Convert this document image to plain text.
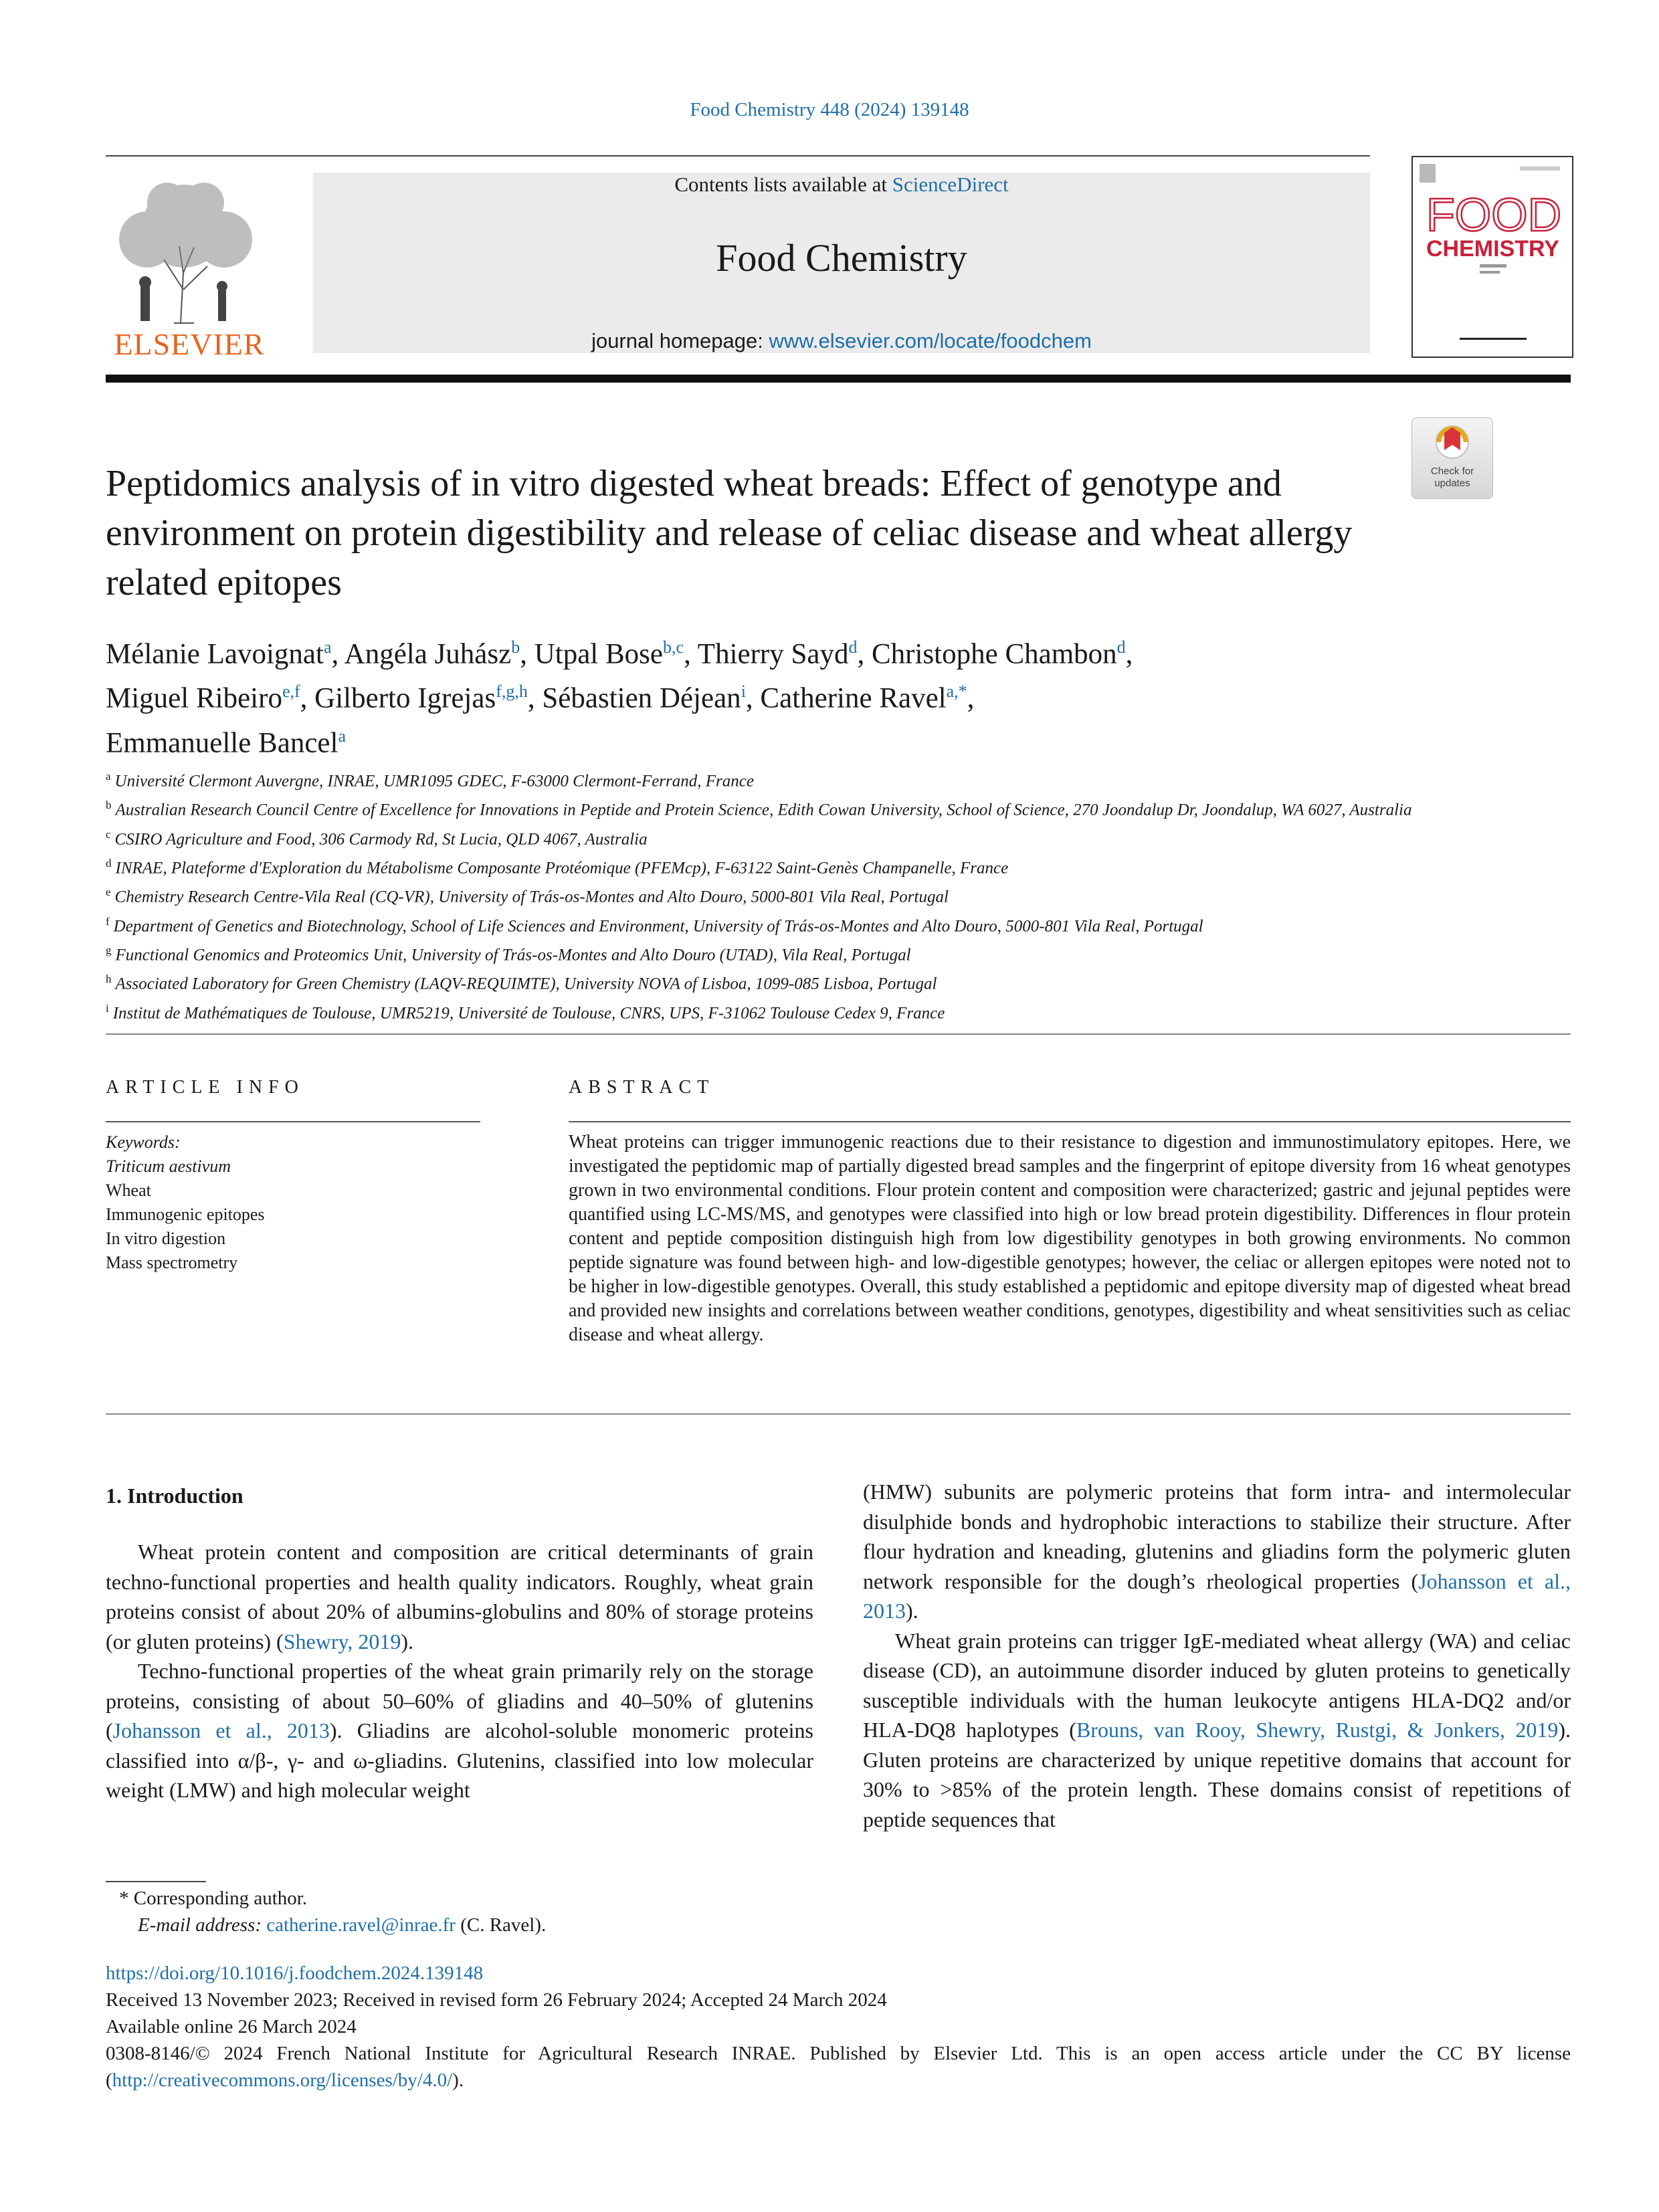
Food Chemistry 448 (2024) 139148
ELSEVIER
Contents lists available at ScienceDirect
Food Chemistry
journal homepage: www.elsevier.com/locate/foodchem
FOOD
CHEMISTRY
Check for
updates
Peptidomics analysis of in vitro digested wheat breads: Effect of genotype and environment on protein digestibility and release of celiac disease and wheat allergy related epitopes
Mélanie Lavoignat$^a$, Angéla Juhász$^b$, Utpal Bose$^{b,c}$, Thierry Sayd$^d$, Christophe Chambon$^d$,
Miguel Ribeiro$^{e,f}$, Gilberto Igrejas$^{f,g,h}$, Sébastien Déjean$^i$, Catherine Ravel$^{a,*}$,
Emmanuelle Bancel$^a$
$^a$ Université Clermont Auvergne, INRAE, UMR1095 GDEC, F-63000 Clermont-Ferrand, France
$^b$ Australian Research Council Centre of Excellence for Innovations in Peptide and Protein Science, Edith Cowan University, School of Science, 270 Joondalup Dr, Joondalup, WA 6027, Australia
$^c$ CSIRO Agriculture and Food, 306 Carmody Rd, St Lucia, QLD 4067, Australia
$^d$ INRAE, Plateforme d'Exploration du Métabolisme Composante Protéomique (PFEMcp), F-63122 Saint-Genès Champanelle, France
$^e$ Chemistry Research Centre-Vila Real (CQ-VR), University of Trás-os-Montes and Alto Douro, 5000-801 Vila Real, Portugal
$^f$ Department of Genetics and Biotechnology, School of Life Sciences and Environment, University of Trás-os-Montes and Alto Douro, 5000-801 Vila Real, Portugal
$^g$ Functional Genomics and Proteomics Unit, University of Trás-os-Montes and Alto Douro (UTAD), Vila Real, Portugal
$^h$ Associated Laboratory for Green Chemistry (LAQV-REQUIMTE), University NOVA of Lisboa, 1099-085 Lisboa, Portugal
$^i$ Institut de Mathématiques de Toulouse, UMR5219, Université de Toulouse, CNRS, UPS, F-31062 Toulouse Cedex 9, France
ARTICLE INFO	ABSTRACT
Keywords:
Triticum aestivum
Wheat
Immunogenic epitopes
In vitro digestion
Mass spectrometry
Wheat proteins can trigger immunogenic reactions due to their resistance to digestion and immunostimulatory epitopes. Here, we investigated the peptidomic map of partially digested bread samples and the fingerprint of epitope diversity from 16 wheat genotypes grown in two environmental conditions. Flour protein content and composition were characterized; gastric and jejunal peptides were quantified using LC-MS/MS, and genotypes were classified into high or low bread protein digestibility. Differences in flour protein content and peptide composition distinguish high from low digestibility genotypes in both growing environments. No common peptide signature was found between high- and low-digestible genotypes; however, the celiac or allergen epitopes were noted not to be higher in low-digestible genotypes. Overall, this study established a peptidomic and epitope diversity map of digested wheat bread and provided new insights and correlations between weather conditions, genotypes, digestibility and wheat sensitivities such as celiac disease and wheat allergy.
1. Introduction

Wheat protein content and composition are critical determinants of grain techno-functional properties and health quality indicators. Roughly, wheat grain proteins consist of about 20% of albumins-globulins and 80% of storage proteins (or gluten proteins) (Shewry, 2019).

Techno-functional properties of the wheat grain primarily rely on the storage proteins, consisting of about 50–60% of gliadins and 40–50% of glutenins (Johansson et al., 2013). Gliadins are alcohol-soluble monomeric proteins classified into α/β-, γ- and ω-gliadins. Glutenins, classified into low molecular weight (LMW) and high molecular weight

(HMW) subunits are polymeric proteins that form intra- and intermolecular disulphide bonds and hydrophobic interactions to stabilize their structure. After flour hydration and kneading, glutenins and gliadins form the polymeric gluten network responsible for the dough’s rheological properties (Johansson et al., 2013).

Wheat grain proteins can trigger IgE-mediated wheat allergy (WA) and celiac disease (CD), an autoimmune disorder induced by gluten proteins to genetically susceptible individuals with the human leukocyte antigens HLA-DQ2 and/or HLA-DQ8 haplotypes (Brouns, van Rooy, Shewry, Rustgi, & Jonkers, 2019). Gluten proteins are characterized by unique repetitive domains that account for 30% to >85% of the protein length. These domains consist of repetitions of peptide sequences that

* Corresponding author.
E-mail address: catherine.ravel@inrae.fr (C. Ravel).
https://doi.org/10.1016/j.foodchem.2024.139148
Received 13 November 2023; Received in revised form 26 February 2024; Accepted 24 March 2024
Available online 26 March 2024
0308-8146/© 2024 French National Institute for Agricultural Research INRAE. Published by Elsevier Ltd. This is an open access article under the CC BY license (http://creativecommons.org/licenses/by/4.0/).
